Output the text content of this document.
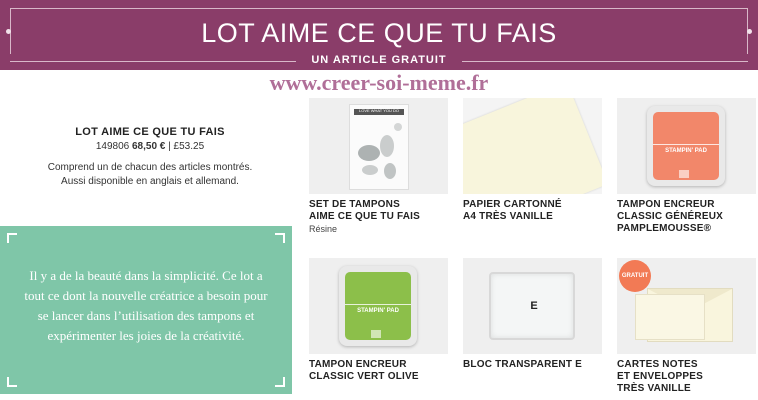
LOT AIME CE QUE TU FAIS
UN ARTICLE GRATUIT
www.creer-soi-meme.fr
LOT AIME CE QUE TU FAIS
149806 68,50 € | £53.25
Comprend un de chacun des articles montrés.
Aussi disponible en anglais et allemand.
Il y a de la beauté dans la simplicité. Ce lot a tout ce dont la nouvelle créatrice a besoin pour se lancer dans l’utilisation des tampons et expérimenter les joies de la créativité.
LOVE WHAT YOU DO
SET DE TAMPONS
AIME CE QUE TU FAIS
Résine
PAPIER CARTONNÉ
A4 TRÈS VANILLE
STAMPIN' PAD
TAMPON ENCREUR
CLASSIC GÉNÉREUX
PAMPLEMOUSSE®
STAMPIN' PAD
TAMPON ENCREUR
CLASSIC VERT OLIVE
E
BLOC TRANSPARENT E
GRATUIT
CARTES NOTES
ET ENVELOPPES
TRÈS VANILLE
